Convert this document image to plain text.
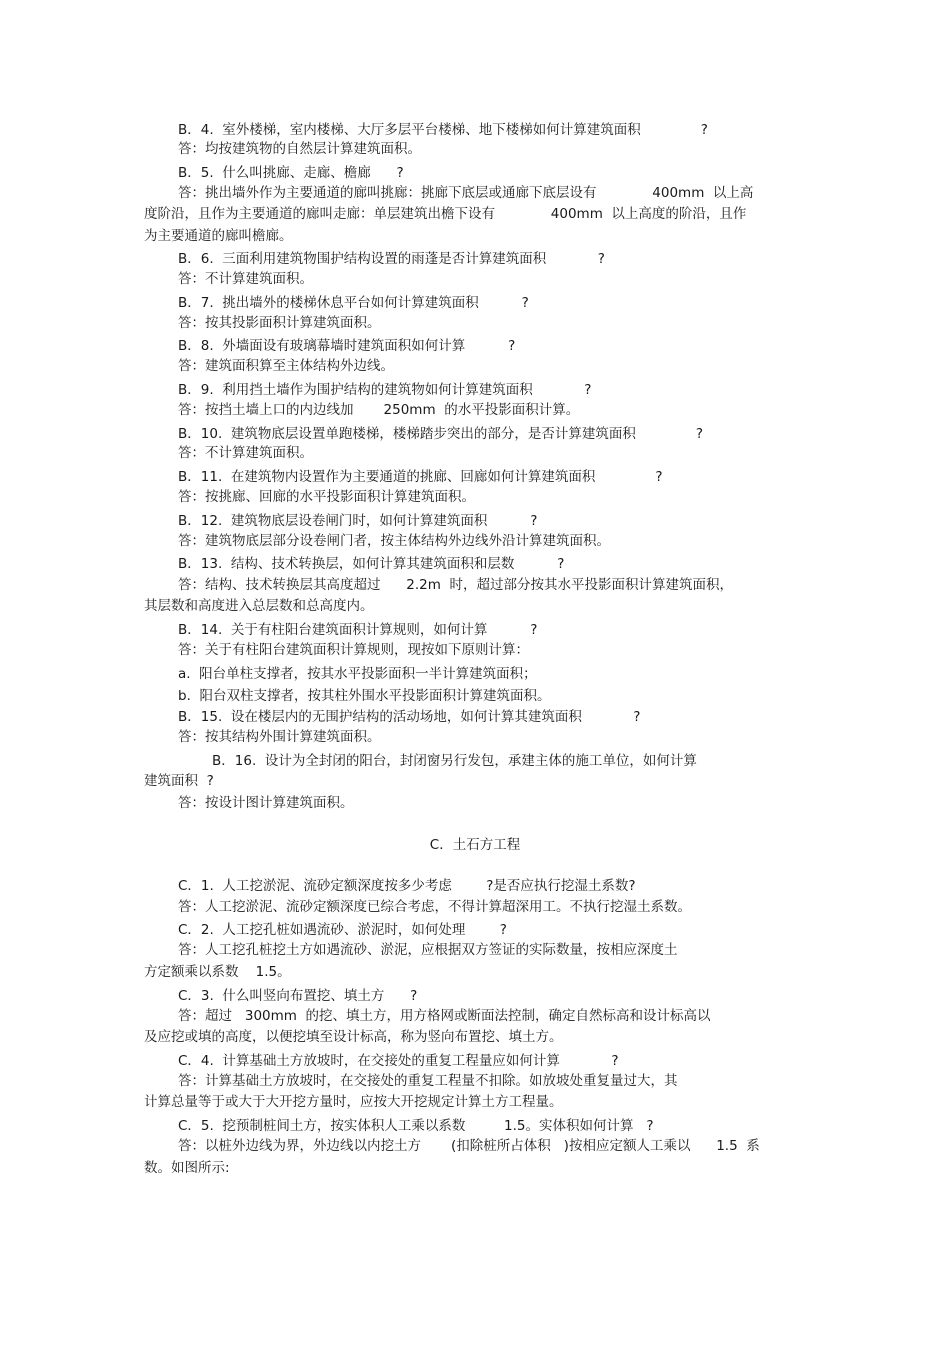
B．4.  室外楼梯，室内楼梯、大厅多层平台楼梯、地下楼梯如何计算建筑面积              ?
答：均按建筑物的自然层计算建筑面积。
B．5.  什么叫挑廊、走廊、檐廊      ?
答：挑出墙外作为主要通道的廊叫挑廊：挑廊下底层或通廊下底层设有             400mm  以上高
度阶沿，且作为主要通道的廊叫走廊：单层建筑出檐下设有             400mm  以上高度的阶沿，且作
为主要通道的廊叫檐廊。
B．6.  三面利用建筑物围护结构设置的雨蓬是否计算建筑面积            ?
答：不计算建筑面积。
B．7.  挑出墙外的楼梯休息平台如何计算建筑面积          ?
答：按其投影面积计算建筑面积。
B．8.  外墙面设有玻璃幕墙时建筑面积如何计算          ?
答：建筑面积算至主体结构外边线。
B．9.  利用挡土墙作为围护结构的建筑物如何计算建筑面积            ?
答：按挡土墙上口的内边线加       250mm  的水平投影面积计算。
B．10.  建筑物底层设置单跑楼梯，楼梯踏步突出的部分，是否计算建筑面积              ?
答：不计算建筑面积。
B．11.  在建筑物内设置作为主要通道的挑廊、回廊如何计算建筑面积              ?
答：按挑廊、回廊的水平投影面积计算建筑面积。
B．12.  建筑物底层设卷闸门时，如何计算建筑面积          ?
答：建筑物底层部分设卷闸门者，按主体结构外边线外沿计算建筑面积。
B．13.  结构、技术转换层，如何计算其建筑面积和层数          ?
答：结构、技术转换层其高度超过      2.2m  时，超过部分按其水平投影面积计算建筑面积，
其层数和高度进入总层数和总高度内。
B．14.  关于有柱阳台建筑面积计算规则，如何计算          ?
答：关于有柱阳台建筑面积计算规则，现按如下原则计算：
a.  阳台单柱支撑者，按其水平投影面积一半计算建筑面积；
b.  阳台双柱支撑者，按其柱外围水平投影面积计算建筑面积。
B．15.  设在楼层内的无围护结构的活动场地，如何计算其建筑面积            ?
答：按其结构外围计算建筑面积。
B．16.  设计为全封闭的阳台，封闭窗另行发包，承建主体的施工单位，如何计算
建筑面积  ?
答：按设计图计算建筑面积。
C．土石方工程
C．1.  人工挖淤泥、流砂定额深度按多少考虑        ?是否应执行挖湿土系数?
答：人工挖淤泥、流砂定额深度已综合考虑，不得计算超深用工。不执行挖湿土系数。
C．2.  人工挖孔桩如遇流砂、淤泥时，如何处理        ?
答：人工挖孔桩挖土方如遇流砂、淤泥，应根据双方签证的实际数量，按相应深度土
方定额乘以系数    1.5。
C．3.  什么叫竖向布置挖、填土方      ?
答：超过   300mm  的挖、填土方，用方格网或断面法控制，确定自然标高和设计标高以
及应挖或填的高度，以便挖填至设计标高，称为竖向布置挖、填土方。
C．4.  计算基础土方放坡时，在交接处的重复工程量应如何计算            ?
答：计算基础土方放坡时，在交接处的重复工程量不扣除。如放坡处重复量过大，其
计算总量等于或大于大开挖方量时，应按大开挖规定计算土方工程量。
C．5.  挖预制桩间土方，按实体积人工乘以系数         1.5。实体积如何计算   ?
答：以桩外边线为界，外边线以内挖土方       (扣除桩所占体积   )按相应定额人工乘以      1.5  系
数。如图所示:
